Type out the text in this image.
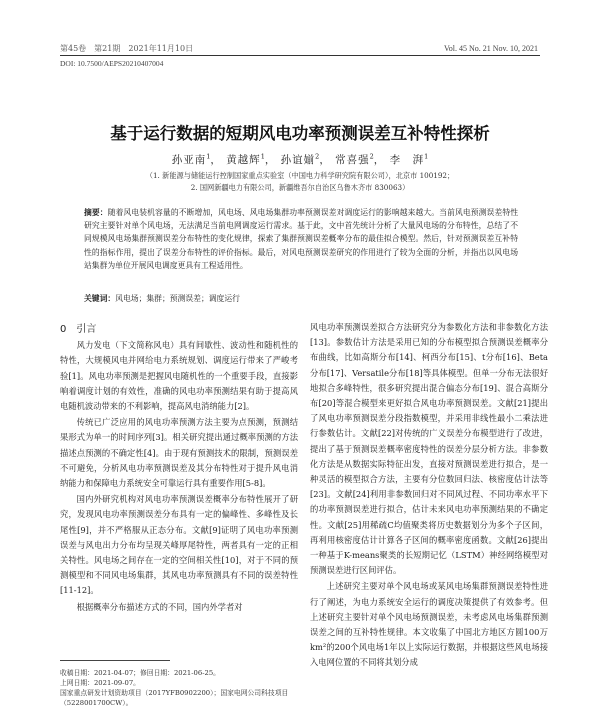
第45卷　第21期　2021年11月10日	Vol. 45 No. 21 Nov. 10, 2021
DOI: 10.7500/AEPS20210407004
基于运行数据的短期风电功率预测误差互补特性探析
孙亚南$^1$， 黄越辉$^1$， 孙谊媊$^2$， 常喜强$^2$， 李　湃$^1$
（1. 新能源与储能运行控制国家重点实验室（中国电力科学研究院有限公司），北京市 100192；
2. 国网新疆电力有限公司，新疆维吾尔自治区乌鲁木齐市 830063）
摘要：随着风电装机容量的不断增加，风电场、风电场集群功率预测误差对调度运行的影响越来越大。当前风电预测误差特性研究主要针对单个风电场，无法满足当前电网调度运行需求。基于此，文中首先统计分析了大量风电场的分布特性，总结了不同规模风电场集群预测误差分布特性的变化规律，探索了集群预测误差概率分布的最佳拟合模型。然后，针对预测误差互补特性的指标作用，提出了误差分布特性的评价指标。最后，对风电预测误差研究的作用进行了较为全面的分析，并指出以风电场站集群为单位开展风电调度更具有工程适用性。
关键词：风电场；集群；预测误差；调度运行

0　引言

风力发电（下文简称风电）具有间歇性、波动性和随机性的特性，大规模风电并网给电力系统规划、调度运行带来了严峻考验[1]。风电功率预测是把握风电随机性的一个重要手段，直接影响着调度计划的有效性，准确的风电功率预测结果有助于提高风电随机波动带来的不利影响，提高风电消纳能力[2]。

传统已广泛应用的风电功率预测方法主要为点预测，预测结果形式为单一的时间序列[3]。相关研究提出通过概率预测的方法描述点预测的不确定性[4]。由于现有预测技术的限制，预测误差不可避免，分析风电功率预测误差及其分布特性对于提升风电消纳能力和保障电力系统安全可靠运行具有重要作用[5-8]。

国内外研究机构对风电功率预测误差概率分布特性展开了研究，发现风电功率预测误差分布具有一定的偏峰性、多峰性及长尾性[9]，并不严格服从正态分布。文献[9]证明了风电功率预测误差与风电出力分布均呈现关峰厚尾特性，两者具有一定的正相关特性。风电场之间存在一定的空间相关性[10]，对于不同的预测模型和不同风电场集群，其风电功率预测具有不同的误差特性[11-12]。

根据概率分布描述方式的不同，国内外学者对

风电功率预测误差拟合方法研究分为参数化方法和非参数化方法[13]。参数估计方法是采用已知的分布模型拟合预测误差概率分布曲线，比如高斯分布[14]、柯西分布[15]、t分布[16]、Beta分布[17]、Versatile分布[18]等具体模型。但单一分布无法很好地拟合多峰特性，很多研究提出混合偏态分布[19]、混合高斯分布[20]等混合模型来更好拟合风电功率预测误差。文献[21]提出了风电功率预测误差分段指数模型，并采用非线性最小二乘法进行参数估计。文献[22]对传统的广义误差分布模型进行了改进，提出了基于预测误差概率密度特性的误差分层分析方法。非参数化方法是从数据实际特征出发，直接对预测误差进行拟合，是一种灵活的模型拟合方法，主要有分位数回归法、核密度估计法等[23]。文献[24]利用非参数回归对不同风过程、不同功率水平下的功率预测误差进行拟合，估计未来风电功率预测结果的不确定性。文献[25]用稀疏C均值聚类将历史数据划分为多个子区间，再利用核密度估计计算各子区间的概率密度函数。文献[26]提出一种基于K-means聚类的长短期记忆（LSTM）神经网络模型对预测误差进行区间评估。

上述研究主要对单个风电场或某风电场集群预测误差特性进行了阐述，为电力系统安全运行的调度决策提供了有效参考。但上述研究主要针对单个风电场预测误差，未考虑风电场集群预测误差之间的互补特性规律。本文收集了中国北方地区方圆100万km²的200个风电场1年以上实际运行数据，并根据这些风电场接入电网位置的不同将其划分成

收稿日期：2021-04-07；修回日期：2021-06-25。
上网日期：2021-09-07。
国家重点研发计划资助项目（2017YFB0902200）；国家电网公司科技项目（5228001700CW）。
